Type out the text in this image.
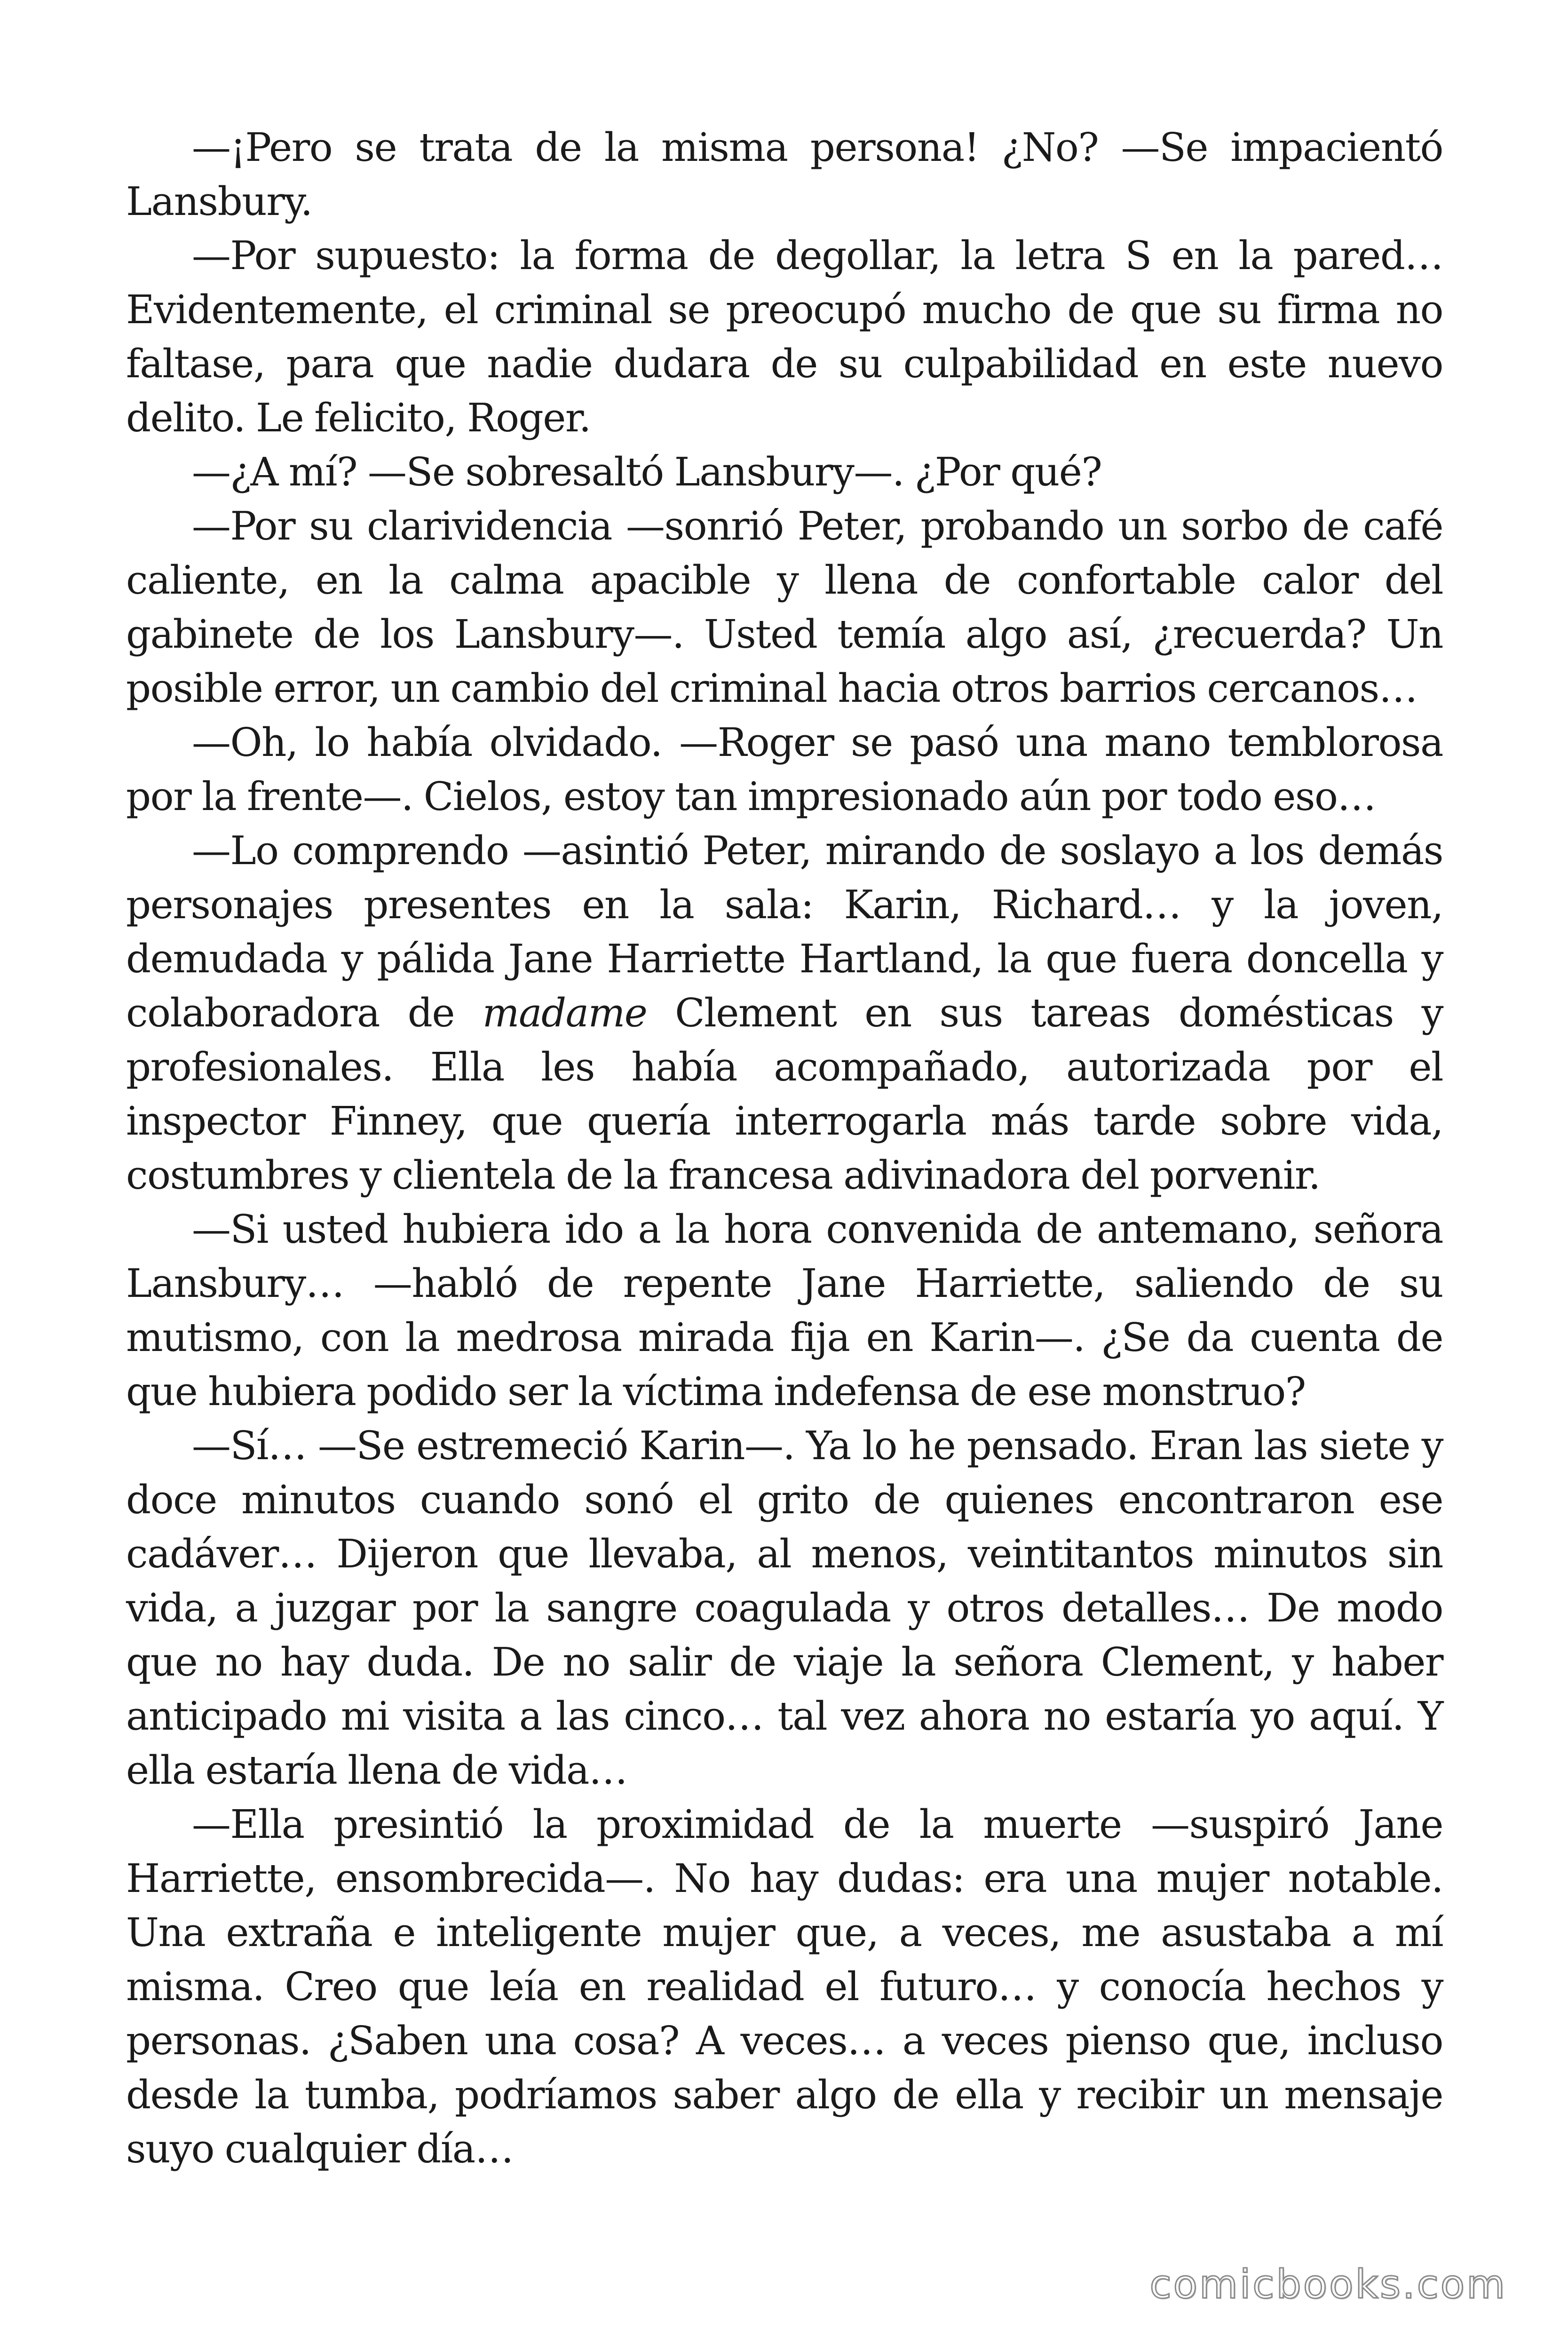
—¡Pero se trata de la misma persona! ¿No? —Se impacientó Lansbury.

—Por supuesto: la forma de degollar, la letra S en la pared… Evidentemente, el criminal se preocupó mucho de que su firma no faltase, para que nadie dudara de su culpabilidad en este nuevo delito. Le felicito, Roger.

—¿A mí? —Se sobresaltó Lansbury—. ¿Por qué?

—Por su clarividencia —sonrió Peter, probando un sorbo de café caliente, en la calma apacible y llena de confortable calor del gabinete de los Lansbury—. Usted temía algo así, ¿recuerda? Un posible error, un cambio del criminal hacia otros barrios cercanos…

—Oh, lo había olvidado. —Roger se pasó una mano temblorosa por la frente—. Cielos, estoy tan impresionado aún por todo eso…

—Lo comprendo —asintió Peter, mirando de soslayo a los demás personajes presentes en la sala: Karin, Richard… y la joven, demudada y pálida Jane Harriette Hartland, la que fuera doncella y colaboradora de madame Clement en sus tareas domésticas y profesionales. Ella les había acompañado, autorizada por el inspector Finney, que quería interrogarla más tarde sobre vida, costumbres y clientela de la francesa adivinadora del porvenir.

—Si usted hubiera ido a la hora convenida de antemano, señora Lansbury… —habló de repente Jane Harriette, saliendo de su mutismo, con la medrosa mirada fija en Karin—. ¿Se da cuenta de que hubiera podido ser la víctima indefensa de ese monstruo?

—Sí… —Se estremeció Karin—. Ya lo he pensado. Eran las siete y doce minutos cuando sonó el grito de quienes encontraron ese cadáver… Dijeron que llevaba, al menos, veintitantos minutos sin vida, a juzgar por la sangre coagulada y otros detalles… De modo que no hay duda. De no salir de viaje la señora Clement, y haber anticipado mi visita a las cinco… tal vez ahora no estaría yo aquí. Y ella estaría llena de vida…

—Ella presintió la proximidad de la muerte —suspiró Jane Harriette, ensombrecida—. No hay dudas: era una mujer notable. Una extraña e inteligente mujer que, a veces, me asustaba a mí misma. Creo que leía en realidad el futuro… y conocía hechos y personas. ¿Saben una cosa? A veces… a veces pienso que, incluso desde la tumba, podríamos saber algo de ella y recibir un mensaje suyo cualquier día…

comicbooks.com
